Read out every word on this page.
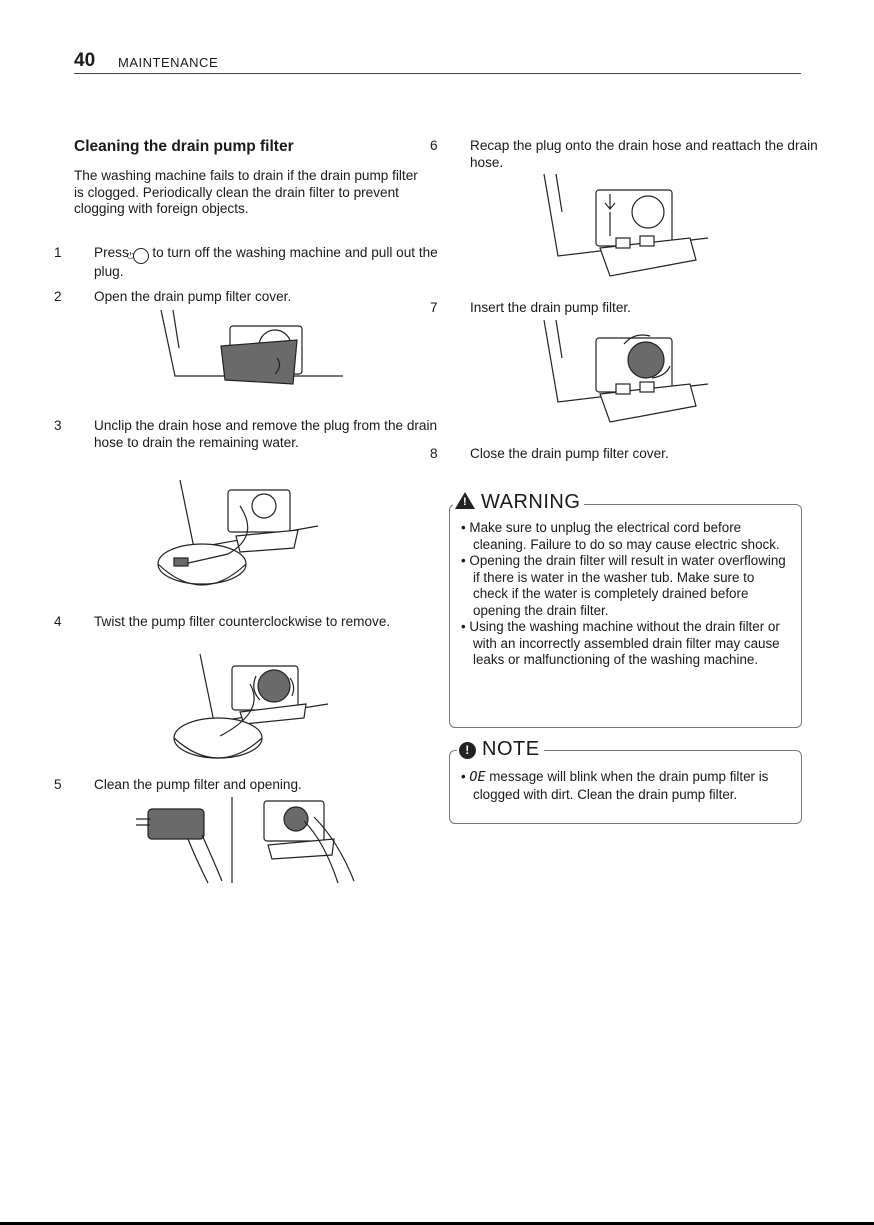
40 MAINTENANCE
Cleaning the drain pump filter
The washing machine fails to drain if the drain pump filter is clogged. Periodically clean the drain filter to prevent clogging with foreign objects.
1 Press ⏻ to turn off the washing machine and pull out the plug.
2 Open the drain pump filter cover.
3 Unclip the drain hose and remove the plug from the drain hose to drain the remaining water.
4 Twist the pump filter counterclockwise to remove.
5 Clean the pump filter and opening.
6 Recap the plug onto the drain hose and reattach the drain hose.
7 Insert the drain pump filter.
8 Close the drain pump filter cover.
! WARNING
• Make sure to unplug the electrical cord before cleaning. Failure to do so may cause electric shock.
• Opening the drain filter will result in water overflowing if there is water in the washer tub. Make sure to check if the water is completely drained before opening the drain filter.
• Using the washing machine without the drain filter or with an incorrectly assembled drain filter may cause leaks or malfunctioning of the washing machine.
! NOTE
• OE message will blink when the drain pump filter is clogged with dirt. Clean the drain pump filter.
